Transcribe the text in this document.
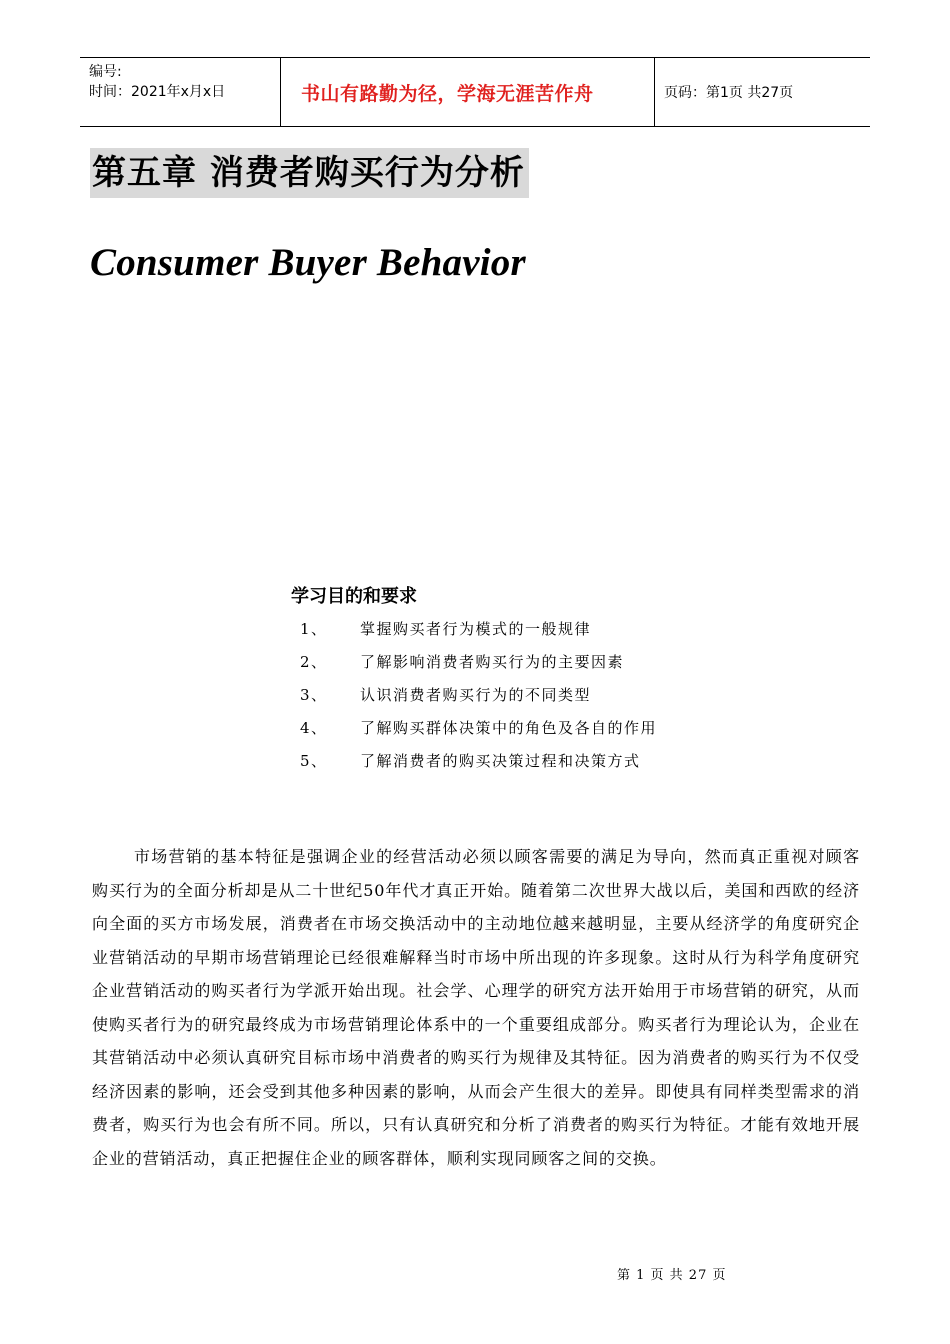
编号:
时间：2021年x月x日	书山有路勤为径，学海无涯苦作舟	页码：第1页 共27页
第五章 消费者购买行为分析
Consumer Buyer Behavior
学习目的和要求
1、	掌握购买者行为模式的一般规律
2、	了解影响消费者购买行为的主要因素
3、	认识消费者购买行为的不同类型
4、	了解购买群体决策中的角色及各自的作用
5、	了解消费者的购买决策过程和决策方式

市场营销的基本特征是强调企业的经营活动必须以顾客需要的满足为导向，然而真正重视对顾客购买行为的全面分析却是从二十世纪50年代才真正开始。随着第二次世界大战以后，美国和西欧的经济向全面的买方市场发展，消费者在市场交换活动中的主动地位越来越明显，主要从经济学的角度研究企业营销活动的早期市场营销理论已经很难解释当时市场中所出现的许多现象。这时从行为科学角度研究企业营销活动的购买者行为学派开始出现。社会学、心理学的研究方法开始用于市场营销的研究，从而使购买者行为的研究最终成为市场营销理论体系中的一个重要组成部分。购买者行为理论认为，企业在其营销活动中必须认真研究目标市场中消费者的购买行为规律及其特征。因为消费者的购买行为不仅受经济因素的影响，还会受到其他多种因素的影响，从而会产生很大的差异。即使具有同样类型需求的消费者，购买行为也会有所不同。所以，只有认真研究和分析了消费者的购买行为特征。才能有效地开展企业的营销活动，真正把握住企业的顾客群体，顺利实现同顾客之间的交换。

第 1 页 共 27 页
